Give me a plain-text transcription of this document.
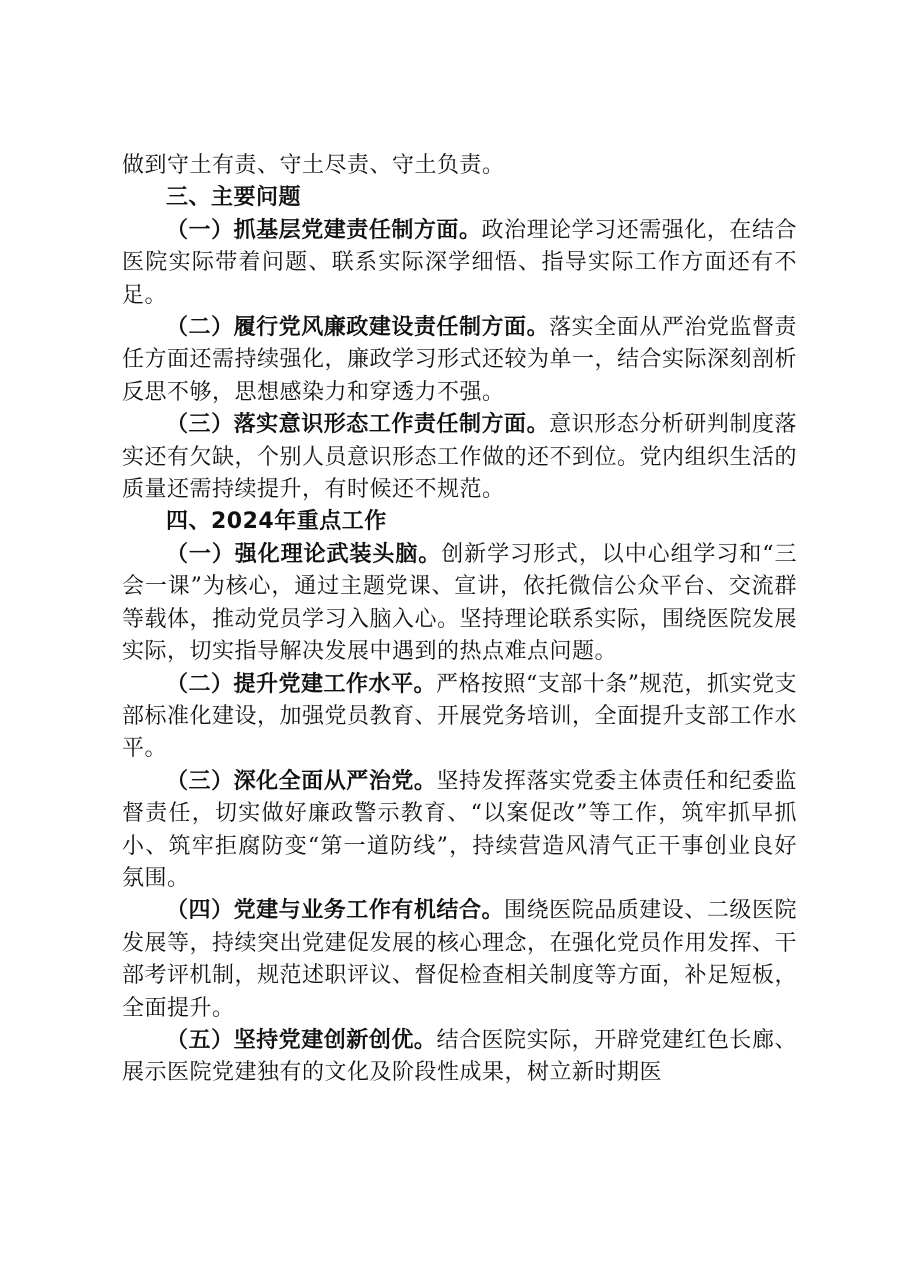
做到守土有责、守土尽责、守土负责。

三、主要问题

（一）抓基层党建责任制方面。政治理论学习还需强化，在结合医院实际带着问题、联系实际深学细悟、指导实际工作方面还有不足。

（二）履行党风廉政建设责任制方面。落实全面从严治党监督责任方面还需持续强化，廉政学习形式还较为单一，结合实际深刻剖析反思不够，思想感染力和穿透力不强。

（三）落实意识形态工作责任制方面。意识形态分析研判制度落实还有欠缺，个别人员意识形态工作做的还不到位。党内组织生活的质量还需持续提升，有时候还不规范。

四、2024年重点工作

（一）强化理论武装头脑。创新学习形式，以中心组学习和“三会一课”为核心，通过主题党课、宣讲，依托微信公众平台、交流群等载体，推动党员学习入脑入心。坚持理论联系实际，围绕医院发展实际，切实指导解决发展中遇到的热点难点问题。

（二）提升党建工作水平。严格按照“支部十条”规范，抓实党支部标准化建设，加强党员教育、开展党务培训，全面提升支部工作水平。

（三）深化全面从严治党。坚持发挥落实党委主体责任和纪委监督责任，切实做好廉政警示教育、“以案促改”等工作，筑牢抓早抓小、筑牢拒腐防变“第一道防线”，持续营造风清气正干事创业良好氛围。

（四）党建与业务工作有机结合。围绕医院品质建设、二级医院发展等，持续突出党建促发展的核心理念，在强化党员作用发挥、干部考评机制，规范述职评议、督促检查相关制度等方面，补足短板，全面提升。

（五）坚持党建创新创优。结合医院实际，开辟党建红色长廊、展示医院党建独有的文化及阶段性成果，树立新时期医
